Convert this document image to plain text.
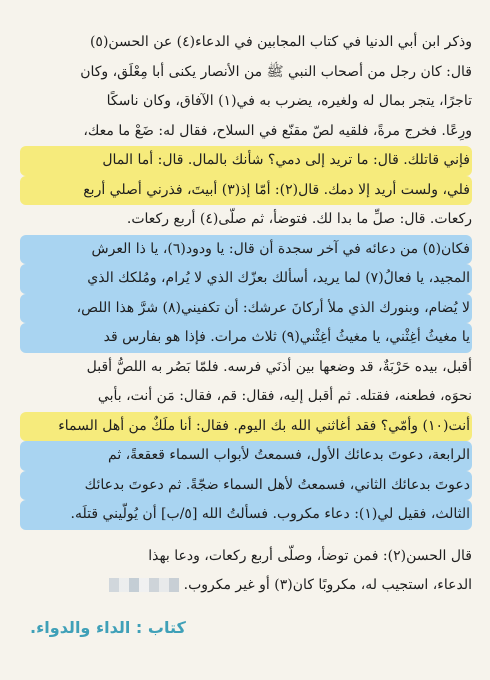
وذكر ابن أبي الدنيا في كتاب المجابين في الدعاء(٤) عن الحسن(٥)
قال: كان رجل من أصحاب النبي ﷺ من الأنصار يكنى أبا مِعْلَق، وكان
تاجرًا، يتجر بمال له ولغيره، يضرب به في(١) الآفاق، وكان ناسكًا
ورِعًا. فخرج مرةً، فلقيه لصّ مقنّع في السلاح، فقال له: ضَعْ ما معك،
فإني قاتلك. قال: ما تريد إلى دمي؟ شأنك بالمال. قال: أما المال
فلي، ولست أريد إلا دمك. قال(٢): أمّا إذ(٣) أبيتَ، فذرني أصلي أربع
ركعات. قال: صلِّ ما بدا لك. فتوضأ، ثم صلّى(٤) أربع ركعات.
فكان(٥) من دعائه في آخر سجدة أن قال: يا ودود(٦)، يا ذا العرش
المجيد، يا فعالُ(٧) لما يريد، أسألك بعزّك الذي لا يُرام، ومُلكك الذي
لا يُضام، وبنورك الذي ملأ أركانَ عرشك: أن تكفيني(٨) شرَّ هذا اللص،
يا مغيثُ أغِثْني، يا مغيثُ أغِثْني(٩) ثلاث مرات. فإذا هو بفارس قد
أقبل، بيده حَرْبَةٌ، قد وضعها بين أذنَي فرسه. فلمّا بَصُر به اللصُّ أقبل
نحوَه، فطعنه، فقتله. ثم أقبل إليه، فقال: قم، فقال: مَن أنت، بأبي
أنت(١٠) وأمّي؟ فقد أغاثني الله بك اليوم. فقال: أنا ملَكٌ من أهل السماء
الرابعة، دعوتَ بدعائك الأول، فسمعتُ لأبواب السماء قعقعةً، ثم
دعوتَ بدعائك الثاني، فسمعتُ لأهل السماء ضجّةً. ثم دعوتَ بدعائك
الثالث، فقيل لي(١): دعاء مكروب. فسألتُ الله [٥/ب] أن يُولّيني قتلَه.
قال الحسن(٢): فمن توضأ، وصلّى أربع ركعات، ودعا بهذا
الدعاء، استجيب له، مكروبًا كان(٣) أو غير مكروب.
كتاب : الداء والدواء.
